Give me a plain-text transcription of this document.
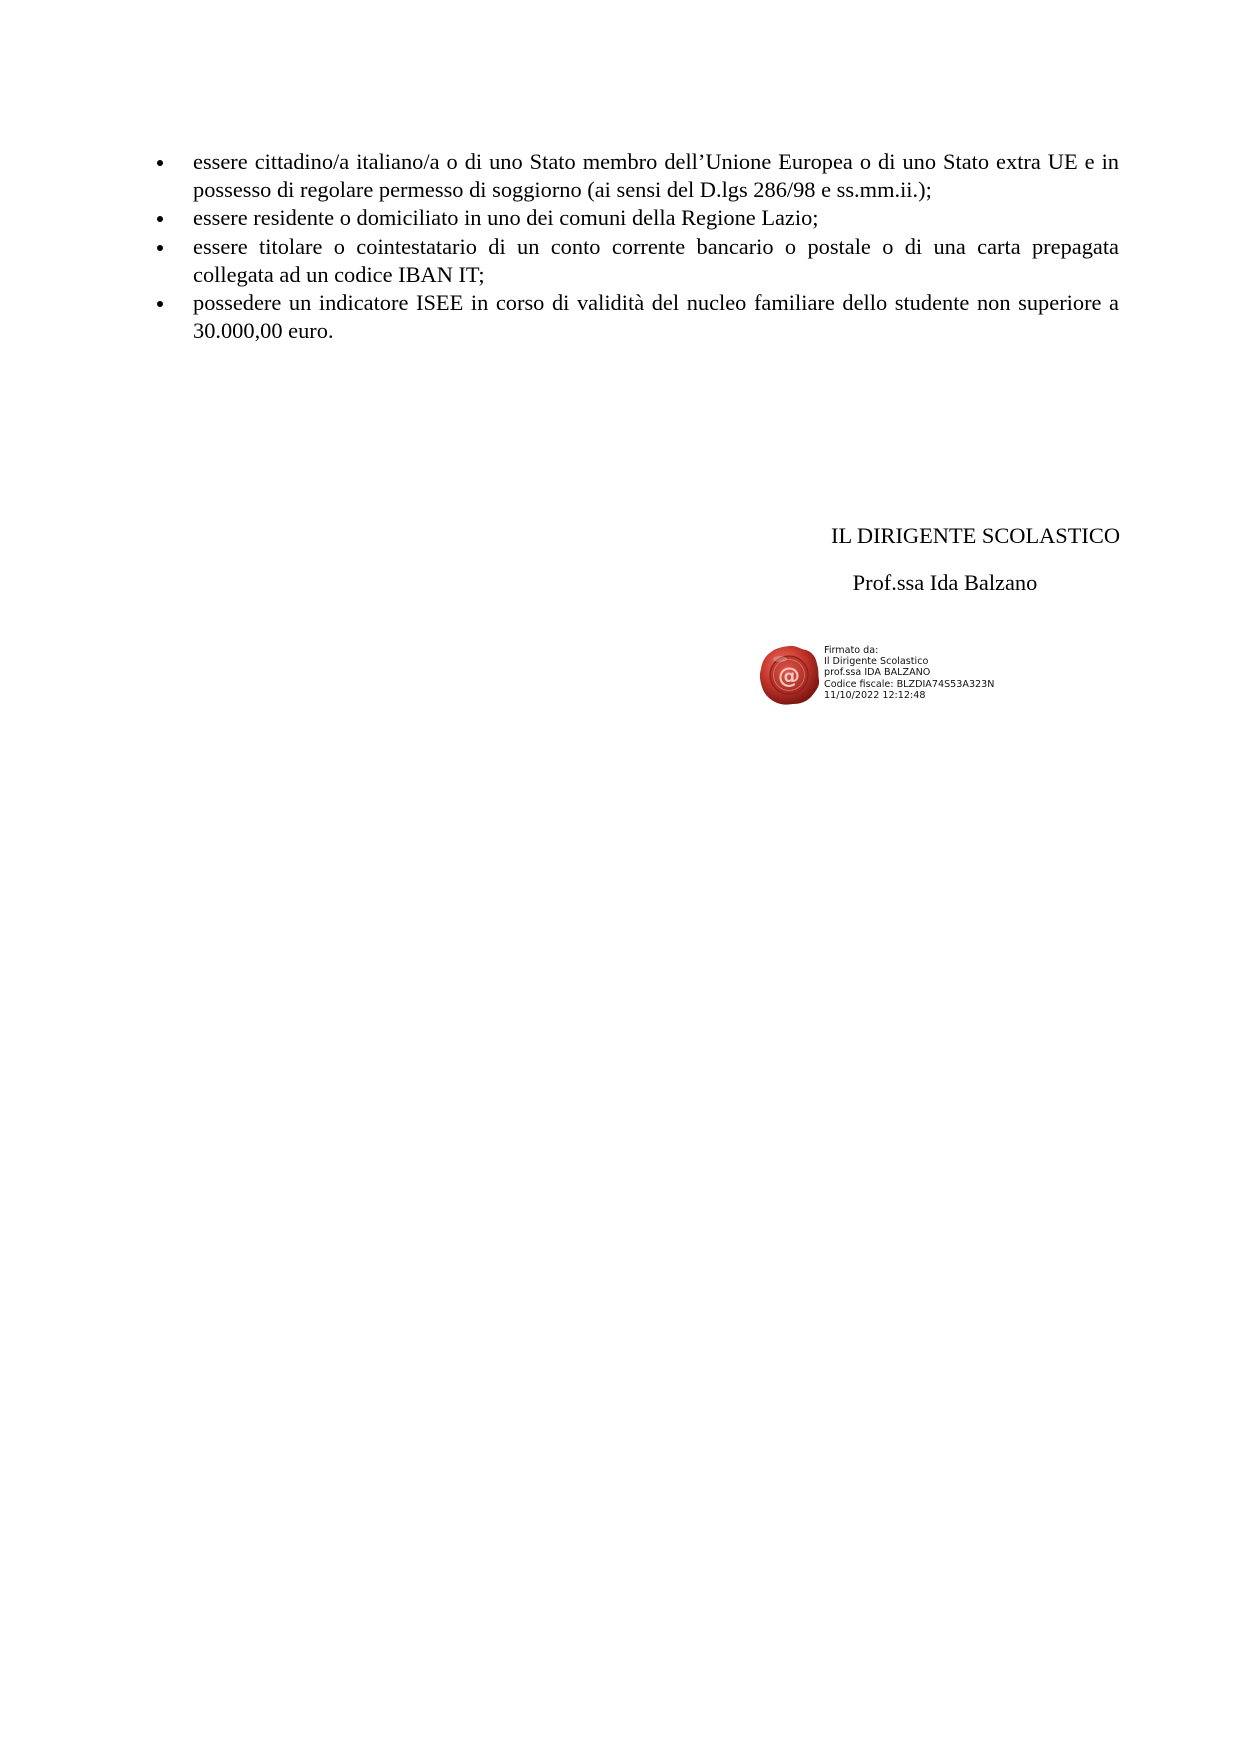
essere cittadino/a italiano/a o di uno Stato membro dell’Unione Europea o di uno Stato extra UE e in possesso di regolare permesso di soggiorno (ai sensi del D.lgs 286/98 e ss.mm.ii.);
essere residente o domiciliato in uno dei comuni della Regione Lazio;
essere titolare o cointestatario di un conto corrente bancario o postale o di una carta prepagata collegata ad un codice IBAN IT;
possedere un indicatore ISEE in corso di validità del nucleo familiare dello studente non superiore a 30.000,00 euro.
IL DIRIGENTE SCOLASTICO
Prof.ssa Ida Balzano
@
Firmato da:
Il Dirigente Scolastico
prof.ssa IDA BALZANO
Codice fiscale: BLZDIA74S53A323N
11/10/2022 12:12:48
